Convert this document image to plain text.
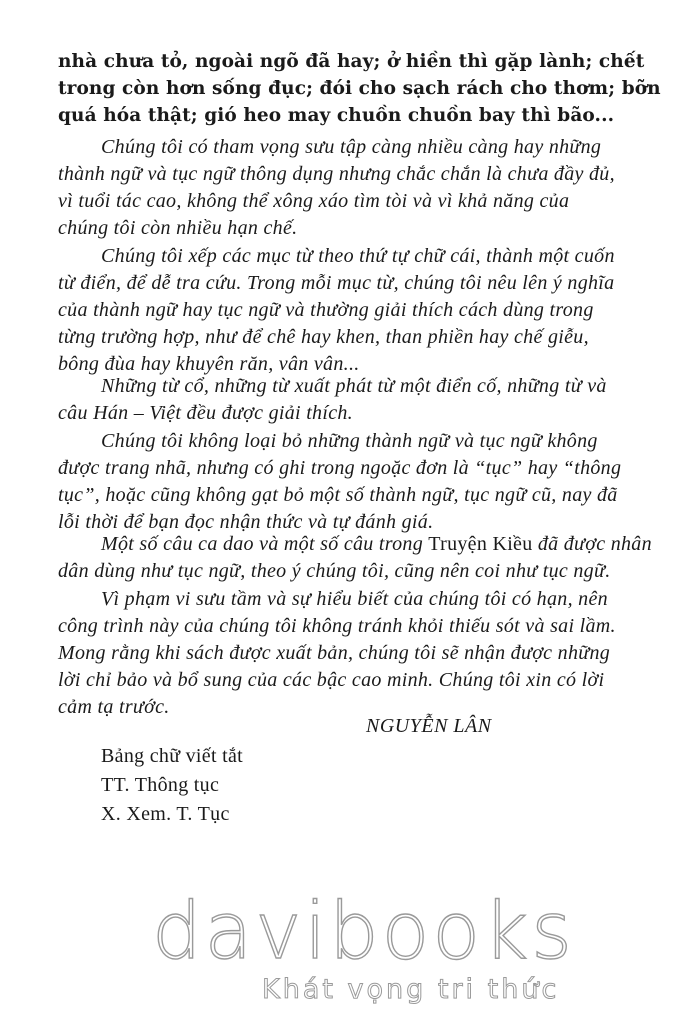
nhà chưa tỏ, ngoài ngõ đã hay; ở hiền thì gặp lành; chết
trong còn hơn sống đục; đói cho sạch rách cho thơm; bỡn
quá hóa thật; gió heo may chuồn chuồn bay thì bão...
Chúng tôi có tham vọng sưu tập càng nhiều càng hay những
thành ngữ và tục ngữ thông dụng nhưng chắc chắn là chưa đầy đủ,
vì tuổi tác cao, không thể xông xáo tìm tòi và vì khả năng của
chúng tôi còn nhiều hạn chế.
Chúng tôi xếp các mục từ theo thứ tự chữ cái, thành một cuốn
từ điển, để dễ tra cứu. Trong mỗi mục từ, chúng tôi nêu lên ý nghĩa
của thành ngữ hay tục ngữ và thường giải thích cách dùng trong
từng trường hợp, như để chê hay khen, than phiền hay chế giễu,
bông đùa hay khuyên răn, vân vân...
Những từ cổ, những từ xuất phát từ một điển cố, những từ và
câu Hán – Việt đều được giải thích.
Chúng tôi không loại bỏ những thành ngữ và tục ngữ không
được trang nhã, nhưng có ghi trong ngoặc đơn là “tục” hay “thông
tục”, hoặc cũng không gạt bỏ một số thành ngữ, tục ngữ cũ, nay đã
lỗi thời để bạn đọc nhận thức và tự đánh giá.
Một số câu ca dao và một số câu trong Truyện Kiều đã được nhân
dân dùng như tục ngữ, theo ý chúng tôi, cũng nên coi như tục ngữ.
Vì phạm vi sưu tầm và sự hiểu biết của chúng tôi có hạn, nên
công trình này của chúng tôi không tránh khỏi thiếu sót và sai lầm.
Mong rằng khi sách được xuất bản, chúng tôi sẽ nhận được những
lời chỉ bảo và bổ sung của các bậc cao minh. Chúng tôi xin có lời
cảm tạ trước.
NGUYỄN LÂN
Bảng chữ viết tắt
TT. Thông tục
X. Xem. T. Tục
davibooks
Khát vọng tri thức
